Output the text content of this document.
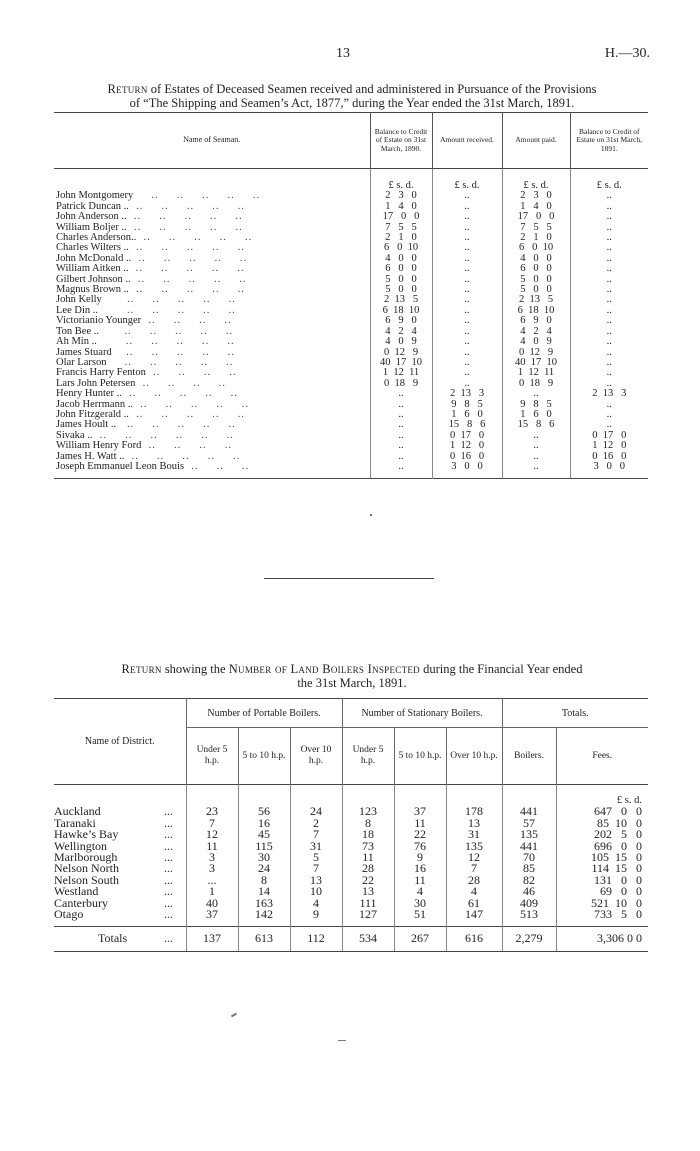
13	H.—30.
Return of Estates of Deceased Seamen received and administered in Pursuance of the Provisions
of “The Shipping and Seamen’s Act, 1877,” during the Year ended the 31st March, 1891.
Name of Seaman.	Balance to Credit of Estate on 31st March, 1890.	Amount received.	Amount paid.	Balance to Credit of Estate on 31st March, 1891.
	£ s. d.	£ s. d.	£ s. d.	£ s. d.
John Montgomery     ..     ..     ..     ..     ..	2   3   0	..	2   3   0	..
Patrick Duncan ..  ..     ..     ..     ..     ..	1   4   0	..	1   4   0	..
John Anderson ..  ..     ..     ..     ..     ..	17   0   0	..	17   0   0	..
William Boljer ..  ..     ..     ..     ..     ..	7   5   5	..	7   5   5	..
Charles Anderson..  ..     ..     ..     ..     ..	2   1   0	..	2   1   0	..
Charles Wilters ..  ..     ..     ..     ..     ..	6   0  10	..	6   0  10	..
John McDonald ..  ..     ..     ..     ..     ..	4   0   0	..	4   0   0	..
William Aitken ..  ..     ..     ..     ..     ..	6   0   0	..	6   0   0	..
Gilbert Johnson ..  ..     ..     ..     ..     ..	5   0   0	..	5   0   0	..
Magnus Brown ..  ..     ..     ..     ..     ..	5   0   0	..	5   0   0	..
John Kelly       ..     ..     ..     ..     ..	2  13   5	..	2  13   5	..
Lee Din ..        ..     ..     ..     ..     ..	6  18  10	..	6  18  10	..
Victorianio Younger  ..     ..     ..     ..	6   9   0	..	6   9   0	..
Ton Bee ..       ..     ..     ..     ..     ..	4   2   4	..	4   2   4	..
Ah Min ..        ..     ..     ..     ..     ..	4   0   9	..	4   0   9	..
James Stuard    ..     ..     ..     ..     ..	0  12   9	..	0  12   9	..
Olar Larson     ..     ..     ..     ..     ..	40  17  10	..	40  17  10	..
Francis Harry Fenton  ..     ..     ..     ..	1  12  11	..	1  12  11	..
Lars John Petersen  ..     ..     ..     ..	0  18   9	..	0  18   9	..
Henry Hunter ..  ..     ..     ..     ..     ..	..	2  13   3	..	2  13   3
Jacob Herrmann ..  ..     ..     ..     ..     ..	..	9   8   5	9   8   5	..
John Fitzgerald ..  ..     ..     ..     ..     ..	..	1   6   0	1   6   0	..
James Hoult ..   ..     ..     ..     ..     ..	..	15   8   6	15   8   6	..
Sivaka ..  ..     ..     ..     ..     ..     ..	..	0  17   0	..	0  17   0
William Henry Ford  ..     ..     ..     ..	..	1  12   0	..	1  12   0
James H. Watt ..  ..     ..     ..     ..     ..	..	0  16   0	..	0  16   0
Joseph Emmanuel Leon Bouis  ..     ..     ..	..	3   0   0	..	3   0   0
Return showing the Number of Land Boilers Inspected during the Financial Year ended
the 31st March, 1891.
Name of District.		Number of Portable Boilers.			Number of Stationary Boilers.			Totals.	
		Under 5 h.p.	5 to 10 h.p.	Over 10 h.p.	Under 5 h.p.	5 to 10 h.p.	Over 10 h.p.	Boilers.	Fees.
									£ s. d.
Auckland	...	23	56	24	123	37	178	441	647   0   0
Taranaki	...	7	16	2	8	11	13	57	85  10   0
Hawke’s Bay	...	12	45	7	18	22	31	135	202   5   0
Wellington	...	11	115	31	73	76	135	441	696   0   0
Marlborough	...	3	30	5	11	9	12	70	105  15   0
Nelson North	...	3	24	7	28	16	7	85	114  15   0
Nelson South	...	...	8	13	22	11	28	82	131   0   0
Westland	...	1	14	10	13	4	4	46	69   0   0
Canterbury	...	40	163	4	111	30	61	409	521  10   0
Otago	...	37	142	9	127	51	147	513	733   5   0
Totals	...	137	613	112	534	267	616	2,279	3,306 0 0
